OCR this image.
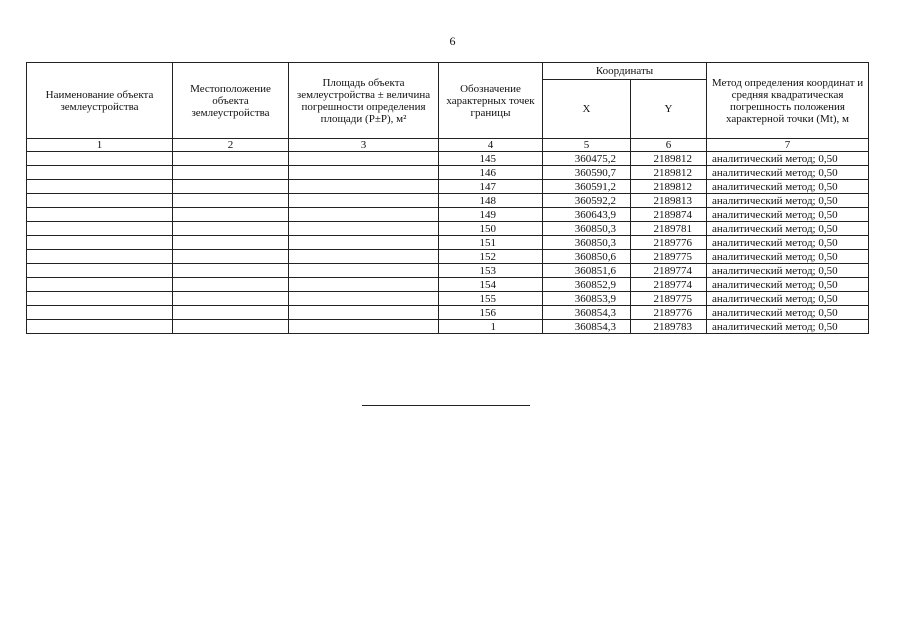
6
Наименование объекта землеустройства	Местоположение объекта землеустройства	Площадь объекта землеустройства ± величина погрешности определения площади (P±P), м²	Обозначение характерных точек границы	Координаты		Метод определения координат и средняя квадратическая погрешность положения характерной точки (Mt), м
				X	Y	
1	2	3	4	5	6	7
			145	360475,2	2189812	аналитический метод; 0,50
			146	360590,7	2189812	аналитический метод; 0,50
			147	360591,2	2189812	аналитический метод; 0,50
			148	360592,2	2189813	аналитический метод; 0,50
			149	360643,9	2189874	аналитический метод; 0,50
			150	360850,3	2189781	аналитический метод; 0,50
			151	360850,3	2189776	аналитический метод; 0,50
			152	360850,6	2189775	аналитический метод; 0,50
			153	360851,6	2189774	аналитический метод; 0,50
			154	360852,9	2189774	аналитический метод; 0,50
			155	360853,9	2189775	аналитический метод; 0,50
			156	360854,3	2189776	аналитический метод; 0,50
			1	360854,3	2189783	аналитический метод; 0,50
